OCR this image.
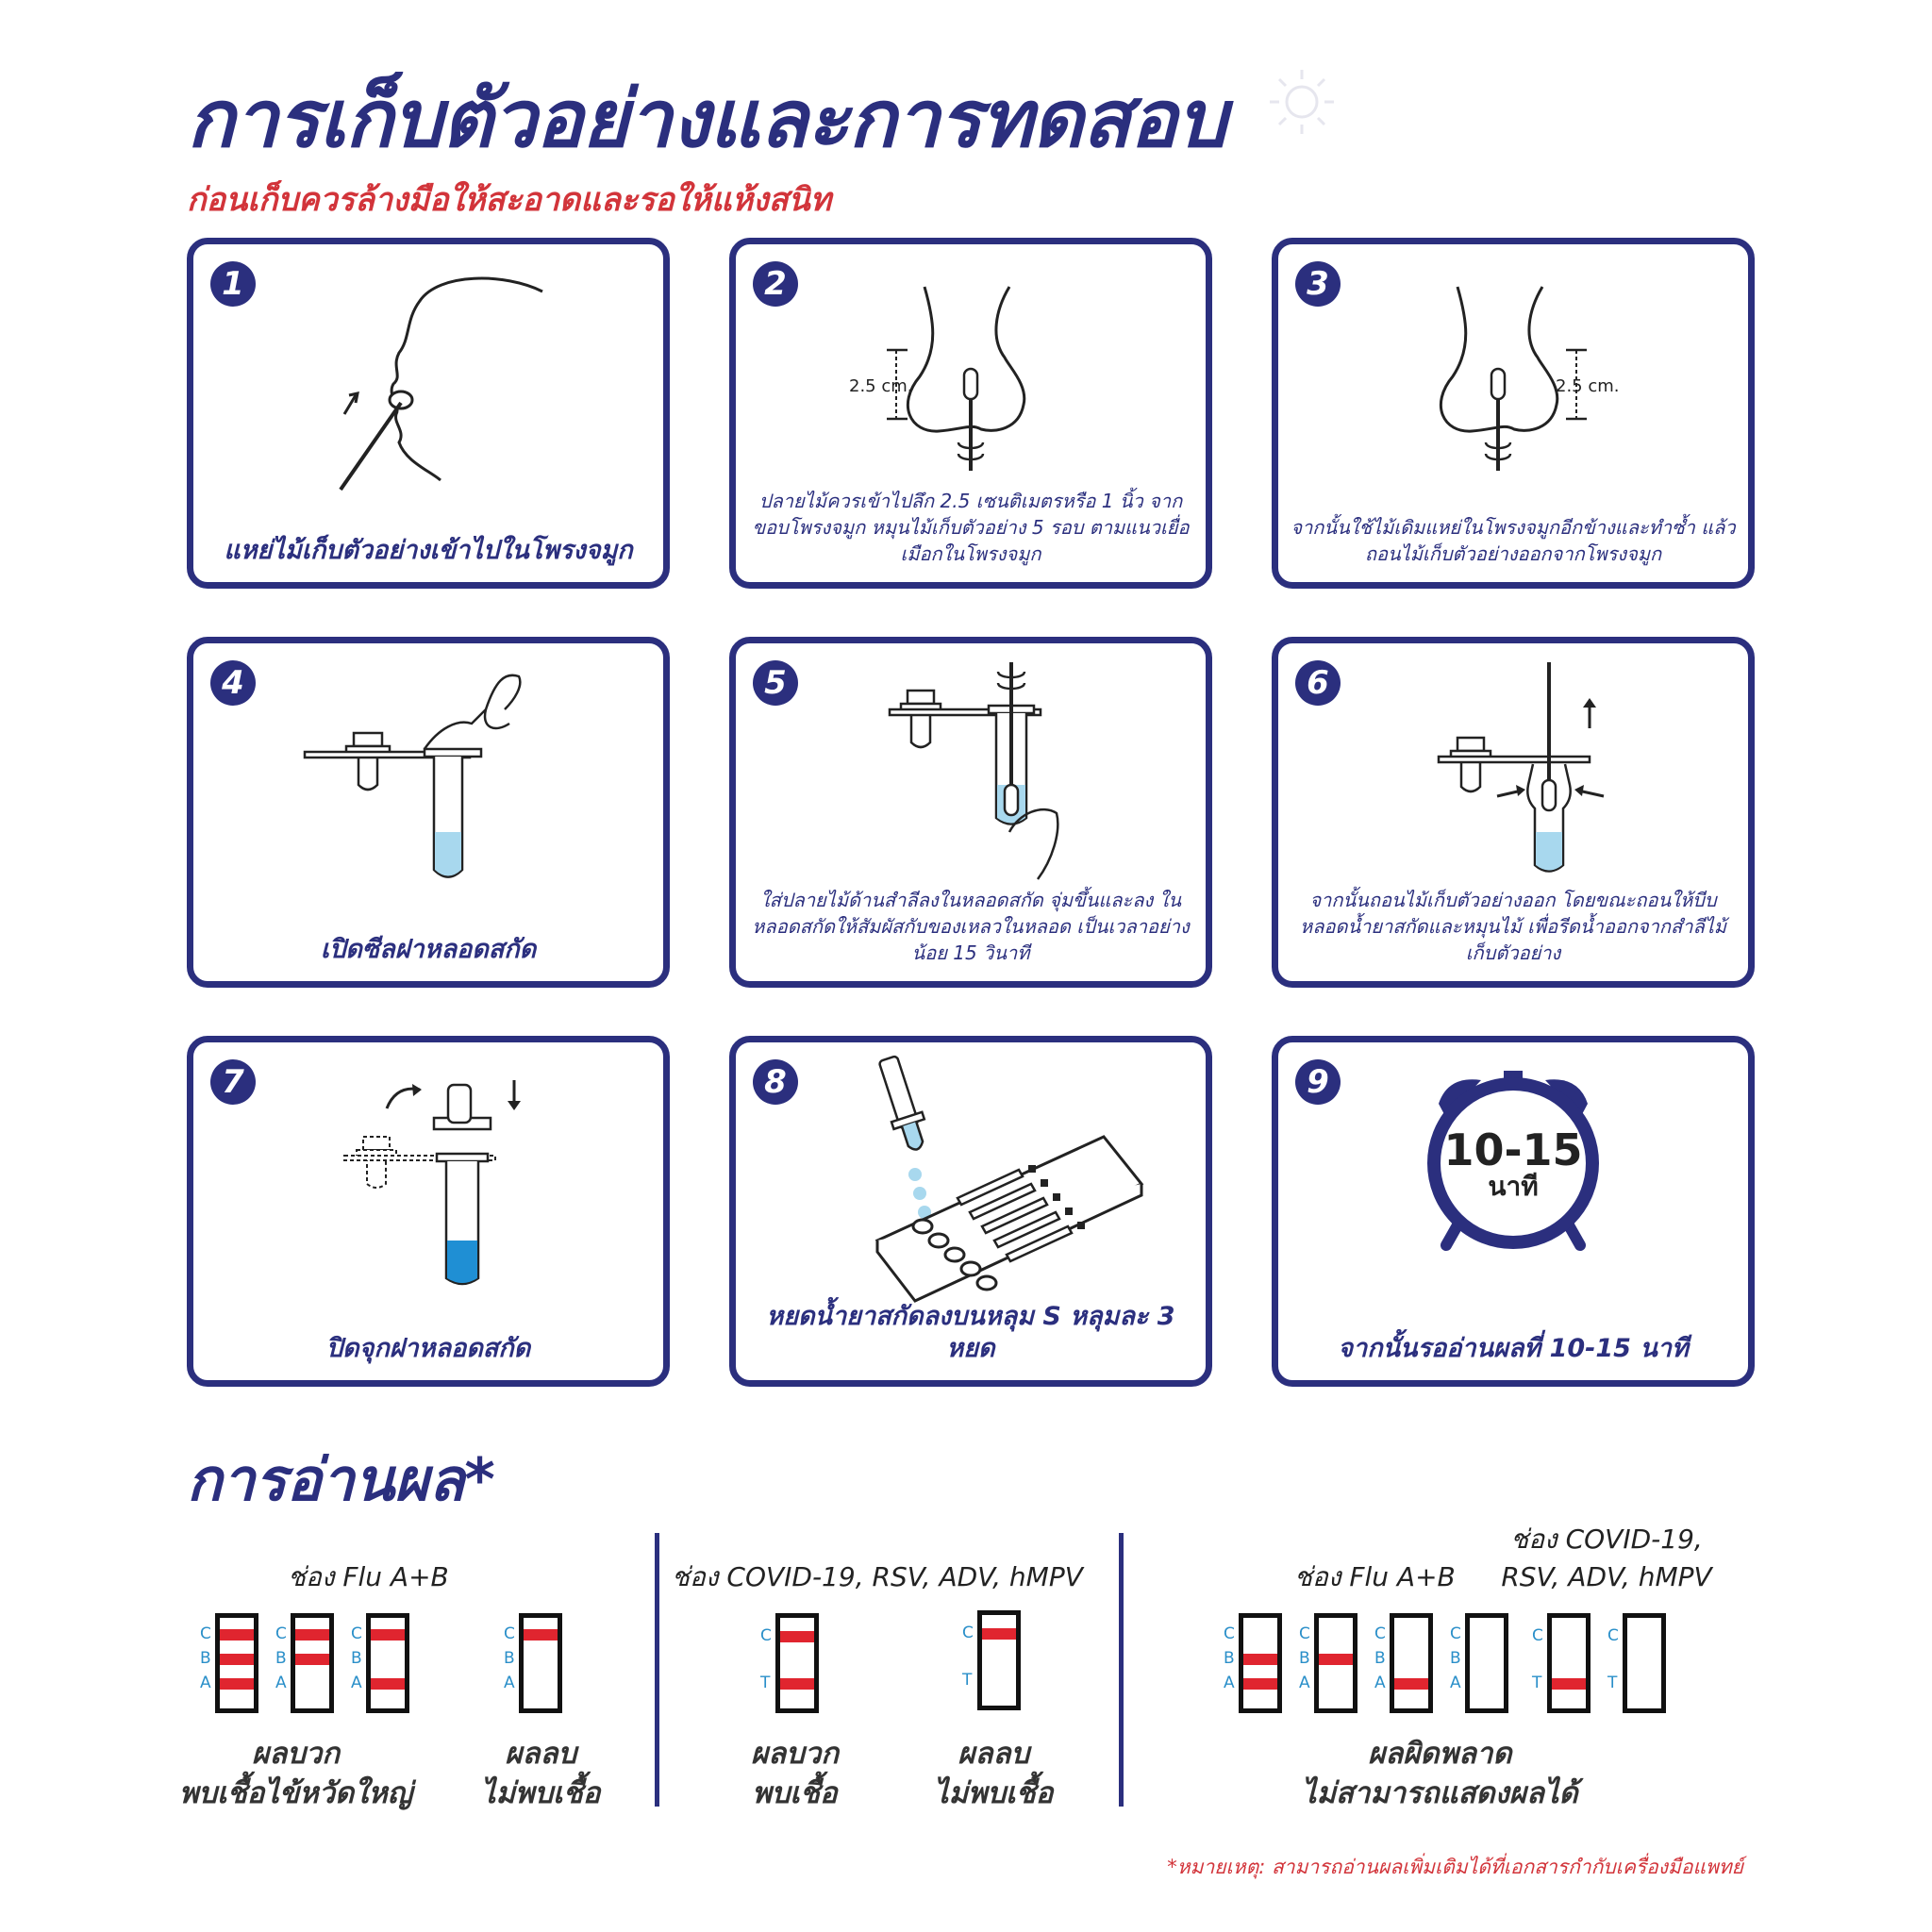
การเก็บตัวอย่างและการทดสอบ
ก่อนเก็บควรล้างมือให้สะอาดและรอให้แห้งสนิท
1
แหย่ไม้เก็บตัวอย่างเข้าไปในโพรงจมูก
2
2.5 cm.
ปลายไม้ควรเข้าไปลึก 2.5 เซนติเมตรหรือ 1 นิ้ว จากขอบโพรงจมูก หมุนไม้เก็บตัวอย่าง 5 รอบ ตามแนวเยื่อเมือกในโพรงจมูก
3
2.5 cm.
จากนั้นใช้ไม้เดิมแหย่ในโพรงจมูกอีกข้างและทำซ้ำ แล้วถอนไม้เก็บตัวอย่างออกจากโพรงจมูก
4
เปิดซีลฝาหลอดสกัด
5
ใส่ปลายไม้ด้านสำลีลงในหลอดสกัด จุ่มขึ้นและลง ในหลอดสกัดให้สัมผัสกับของเหลวในหลอด เป็นเวลาอย่างน้อย 15 วินาที
6
จากนั้นถอนไม้เก็บตัวอย่างออก โดยขณะถอนให้บีบหลอดน้ำยาสกัดและหมุนไม้ เพื่อรีดน้ำออกจากสำลีไม้เก็บตัวอย่าง
7
ปิดจุกฝาหลอดสกัด
8
หยดน้ำยาสกัดลงบนหลุม S หลุมละ 3 หยด
9
10-15
นาที
จากนั้นรออ่านผลที่ 10-15 นาที
การอ่านผล*
ช่อง Flu A+B	ช่อง COVID-19, RSV, ADV, hMPV	ช่อง Flu A+B
ช่อง COVID-19, RSV, ADV, hMPV
C
B
A
C
B
A
C
B
A
C
B
A
C
T
C
T
C
B
A
C
B
A
C
B
A
C
B
A
C
T
C
T
ผลบวก
พบเชื้อไข้หวัดใหญ่
ผลลบ
ไม่พบเชื้อ
ผลบวก
พบเชื้อ
ผลลบ
ไม่พบเชื้อ
ผลผิดพลาด
ไม่สามารถแสดงผลได้
*หมายเหตุ: สามารถอ่านผลเพิ่มเติมได้ที่เอกสารกำกับเครื่องมือแพทย์
